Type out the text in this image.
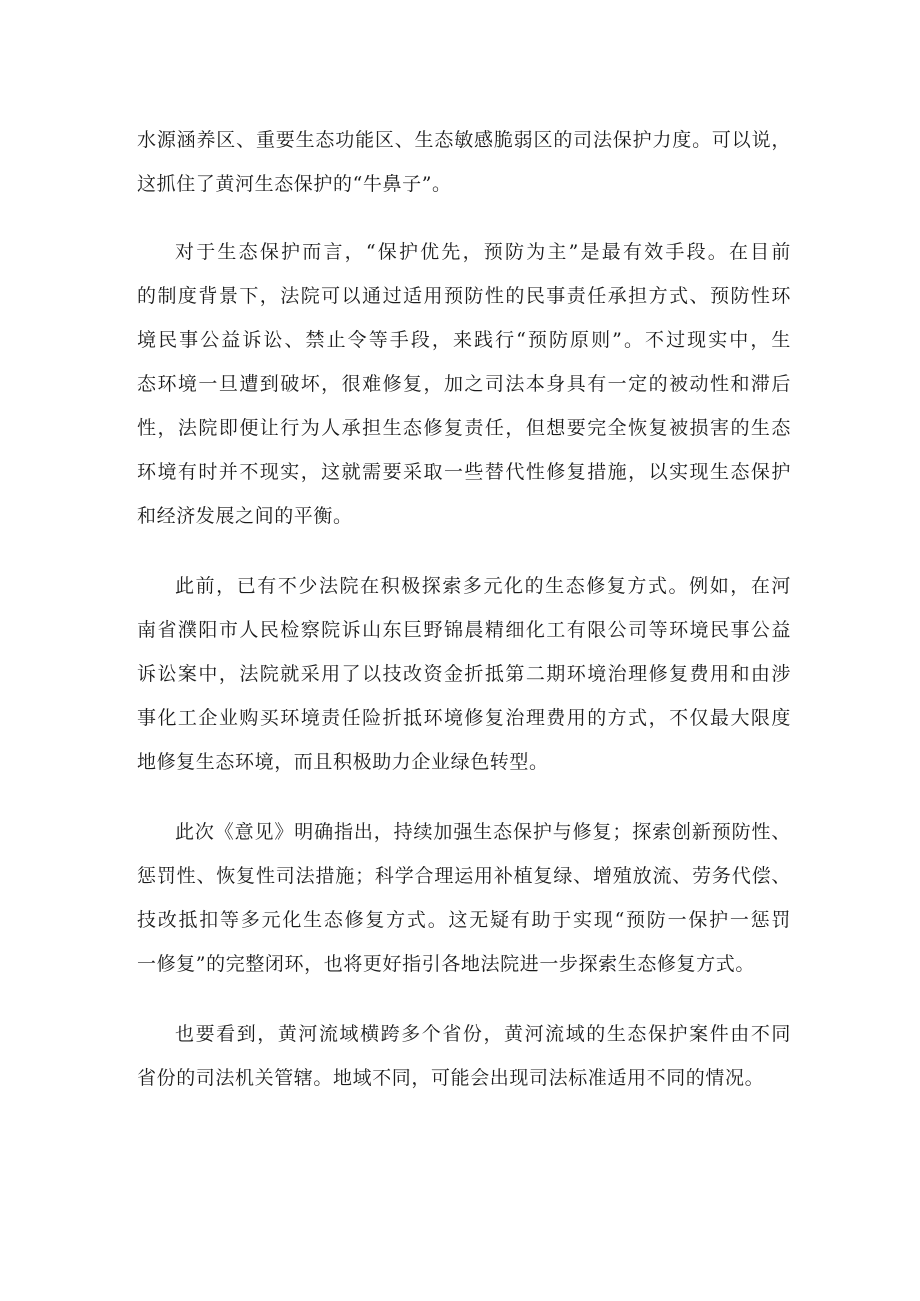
水源涵养区、重要生态功能区、生态敏感脆弱区的司法保护力度。可以说，
这抓住了黄河生态保护的“牛鼻子”。
对于生态保护而言，“保护优先，预防为主”是最有效手段。在目前
的制度背景下，法院可以通过适用预防性的民事责任承担方式、预防性环
境民事公益诉讼、禁止令等手段，来践行“预防原则”。不过现实中，生
态环境一旦遭到破坏，很难修复，加之司法本身具有一定的被动性和滞后
性，法院即便让行为人承担生态修复责任，但想要完全恢复被损害的生态
环境有时并不现实，这就需要采取一些替代性修复措施，以实现生态保护
和经济发展之间的平衡。
此前，已有不少法院在积极探索多元化的生态修复方式。例如，在河
南省濮阳市人民检察院诉山东巨野锦晨精细化工有限公司等环境民事公益
诉讼案中，法院就采用了以技改资金折抵第二期环境治理修复费用和由涉
事化工企业购买环境责任险折抵环境修复治理费用的方式，不仅最大限度
地修复生态环境，而且积极助力企业绿色转型。
此次《意见》明确指出，持续加强生态保护与修复；探索创新预防性、
惩罚性、恢复性司法措施；科学合理运用补植复绿、增殖放流、劳务代偿、
技改抵扣等多元化生态修复方式。这无疑有助于实现“预防一保护一惩罚
一修复”的完整闭环，也将更好指引各地法院进一步探索生态修复方式。
也要看到，黄河流域横跨多个省份，黄河流域的生态保护案件由不同
省份的司法机关管辖。地域不同，可能会出现司法标准适用不同的情况。
